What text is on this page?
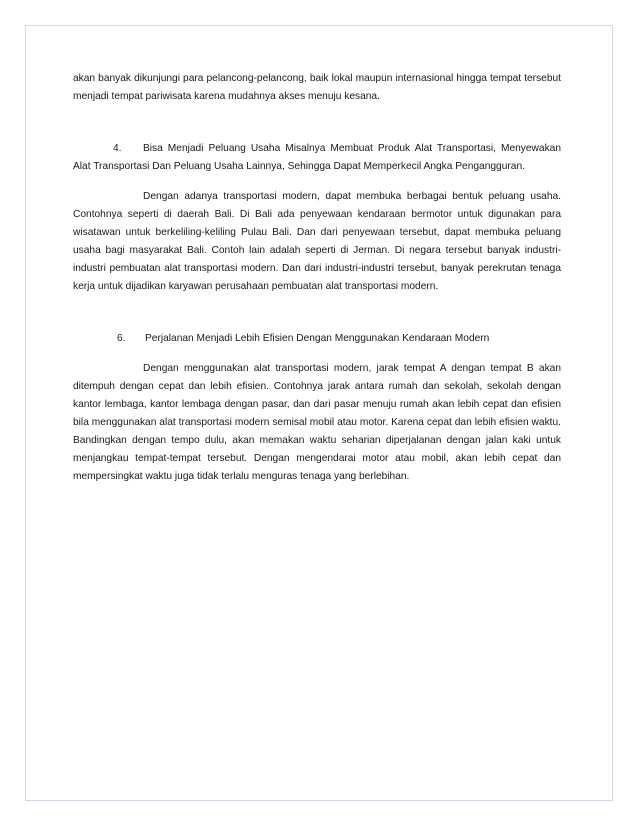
akan banyak dikunjungi para pelancong-pelancong, baik lokal maupun internasional hingga tempat tersebut menjadi tempat pariwisata karena mudahnya akses menuju kesana.

4. Bisa Menjadi Peluang Usaha Misalnya Membuat Produk Alat Transportasi, Menyewakan Alat Transportasi Dan Peluang Usaha Lainnya, Sehingga Dapat Memperkecil Angka Pengangguran.

Dengan adanya transportasi modern, dapat membuka berbagai bentuk peluang usaha. Contohnya seperti di daerah Bali. Di Bali ada penyewaan kendaraan bermotor untuk digunakan para wisatawan untuk berkeliling-keliling Pulau Bali. Dan dari penyewaan tersebut, dapat membuka peluang usaha bagi masyarakat Bali. Contoh lain adalah seperti di Jerman. Di negara tersebut banyak industri-industri pembuatan alat transportasi modern. Dan dari industri-industri tersebut, banyak perekrutan tenaga kerja untuk dijadikan karyawan perusahaan pembuatan alat transportasi modern.

6. Perjalanan Menjadi Lebih Efisien Dengan Menggunakan Kendaraan Modern

Dengan menggunakan alat transportasi modern, jarak tempat A dengan tempat B akan ditempuh dengan cepat dan lebih efisien. Contohnya jarak antara rumah dan sekolah, sekolah dengan kantor lembaga, kantor lembaga dengan pasar, dan dari pasar menuju rumah akan lebih cepat dan efisien bila menggunakan alat transportasi modern semisal mobil atau motor. Karena cepat dan lebih efisien waktu. Bandingkan dengan tempo dulu, akan memakan waktu seharian diperjalanan dengan jalan kaki untuk menjangkau tempat-tempat tersebut. Dengan mengendarai motor atau mobil, akan lebih cepat dan mempersingkat waktu juga tidak terlalu menguras tenaga yang berlebihan.
